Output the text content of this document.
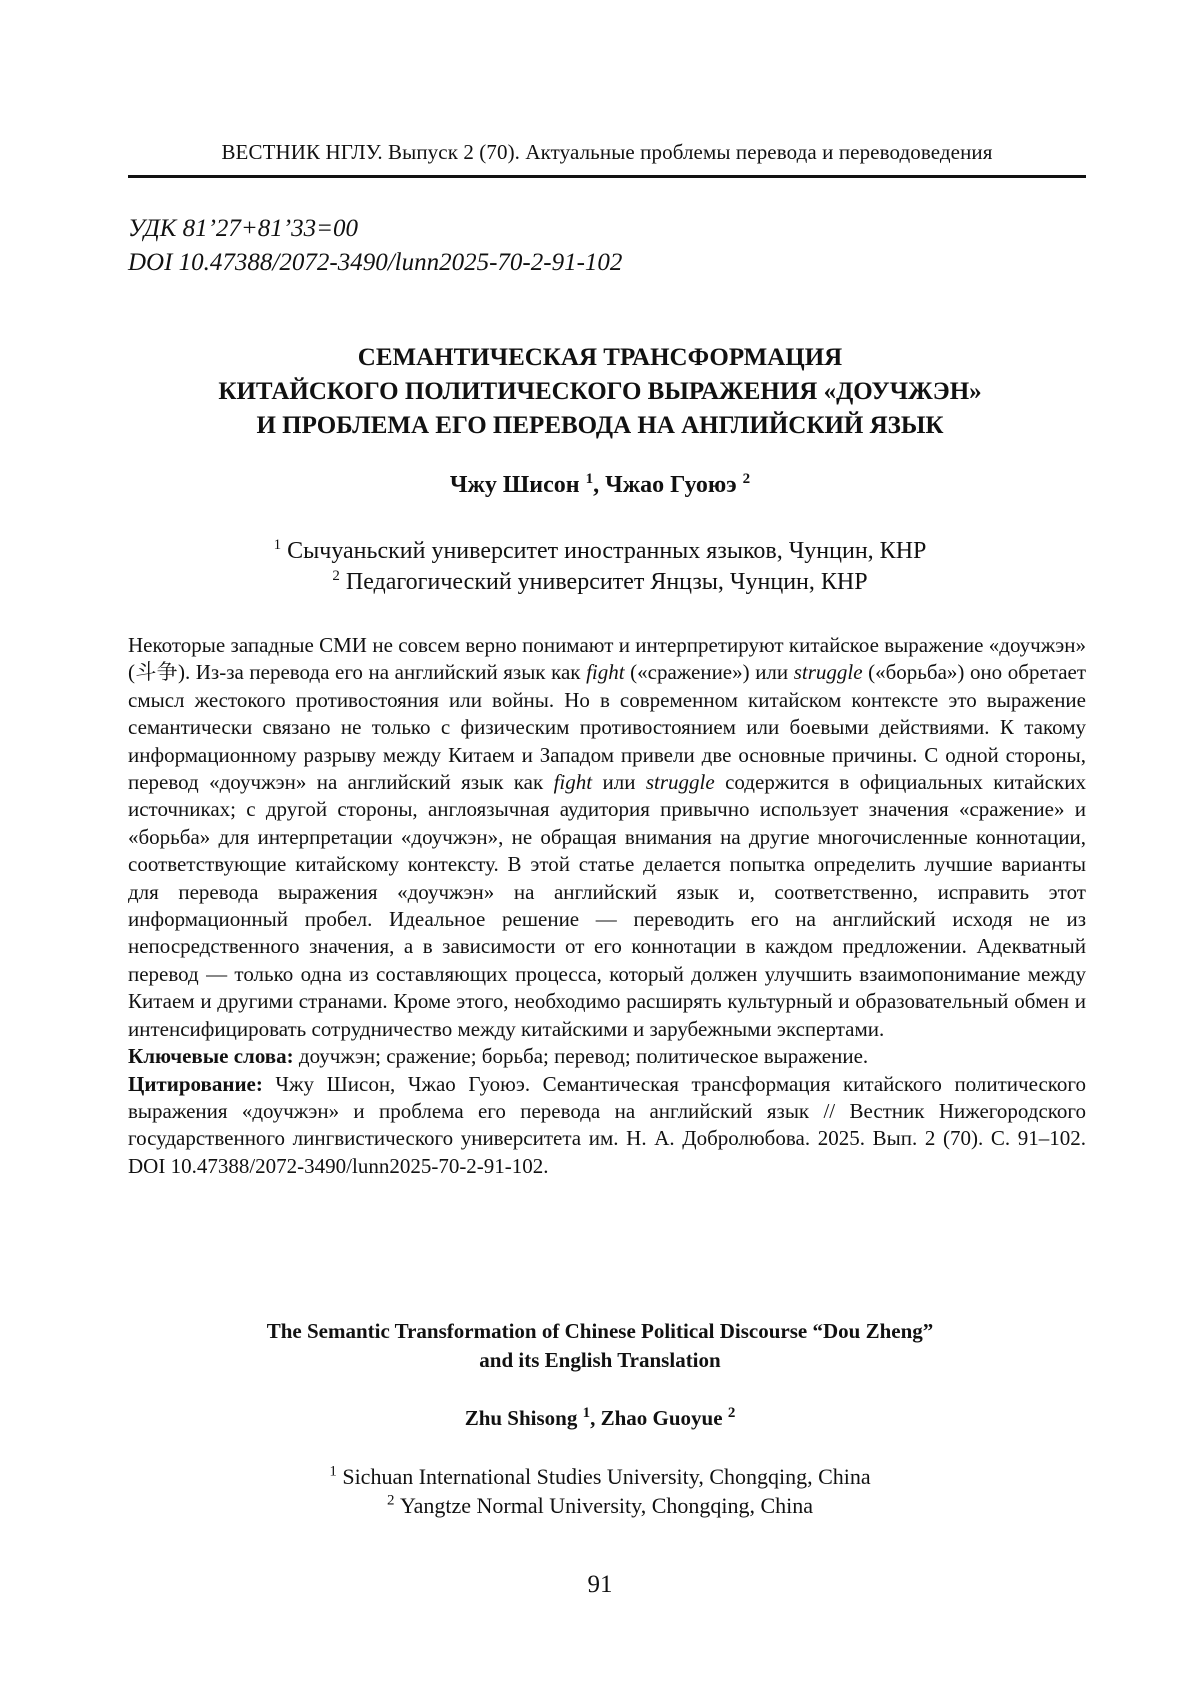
ВЕСТНИК НГЛУ. Выпуск 2 (70). Актуальные проблемы перевода и переводоведения
УДК 81’27+81’33=00
DOI 10.47388/2072-3490/lunn2025-70-2-91-102
СЕМАНТИЧЕСКАЯ ТРАНСФОРМАЦИЯ
КИТАЙСКОГО ПОЛИТИЧЕСКОГО ВЫРАЖЕНИЯ «ДОУЧЖЭН»
И ПРОБЛЕМА ЕГО ПЕРЕВОДА НА АНГЛИЙСКИЙ ЯЗЫК
Чжу Шисон 1, Чжао Гуоюэ 2
1 Сычуаньский университет иностранных языков, Чунцин, КНР
2 Педагогический университет Янцзы, Чунцин, КНР

Некоторые западные СМИ не совсем верно понимают и интерпретируют китайское выражение «доучжэн» (斗争). Из-за перевода его на английский язык как fight («сражение») или struggle («борьба») оно обретает смысл жестокого противостояния или войны. Но в современном китайском контексте это выражение семантически связано не только с физическим противостоянием или боевыми действиями. К такому информационному разрыву между Китаем и Западом привели две основные причины. С одной стороны, перевод «доучжэн» на английский язык как fight или struggle содержится в официальных китайских источниках; с другой стороны, англоязычная аудитория привычно использует значения «сражение» и «борьба» для интерпретации «доучжэн», не обращая внимания на другие многочисленные коннотации, соответствующие китайскому контексту. В этой статье делается попытка определить лучшие варианты для перевода выражения «доучжэн» на английский язык и, соответственно, исправить этот информационный пробел. Идеальное решение — переводить его на английский исходя не из непосредственного значения, а в зависимости от его коннотации в каждом предложении. Адекватный перевод — только одна из составляющих процесса, который должен улучшить взаимопонимание между Китаем и другими странами. Кроме этого, необходимо расширять культурный и образовательный обмен и интенсифицировать сотрудничество между китайскими и зарубежными экспертами.

Ключевые слова: доучжэн; сражение; борьба; перевод; политическое выражение.

Цитирование: Чжу Шисон, Чжао Гуоюэ. Семантическая трансформация китайского политического выражения «доучжэн» и проблема его перевода на английский язык // Вестник Нижегородского государственного лингвистического университета им. Н. А. Добролюбова. 2025. Вып. 2 (70). С. 91–102. DOI 10.47388/2072-3490/lunn2025-70-2-91-102.

The Semantic Transformation of Chinese Political Discourse “Dou Zheng”
and its English Translation
Zhu Shisong 1, Zhao Guoyue 2
1 Sichuan International Studies University, Chongqing, China
2 Yangtze Normal University, Chongqing, China
91
